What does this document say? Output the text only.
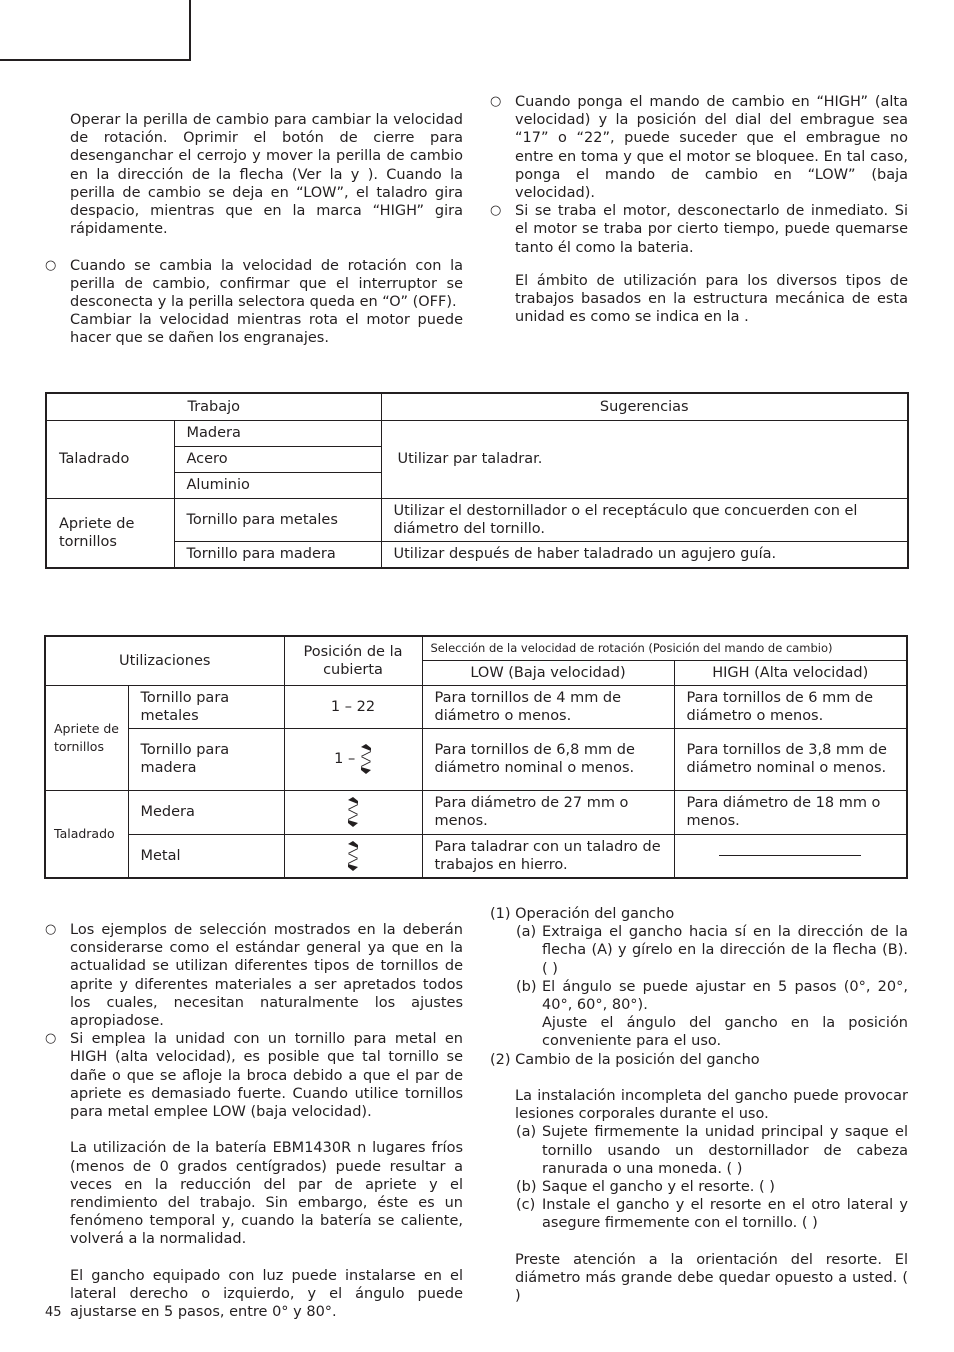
Operar la perilla de cambio para cambiar la velocidad de rotación. Oprimir el botón de cierre para desenganchar el cerrojo y mover la perilla de cambio en la dirección de la flecha (Ver la y ). Cuando la perilla de cambio se deja en “LOW”, el taladro gira despacio, mientras que en la marca “HIGH” gira rápidamente.

○ Cuando se cambia la velocidad de rotación con la perilla de cambio, confirmar que el interruptor se desconecta y la perilla selectora queda en “O” (OFF).

Cambiar la velocidad mientras rota el motor puede hacer que se dañen los engranajes.

○ Cuando ponga el mando de cambio en “HIGH” (alta velocidad) y la posición del dial del embrague sea “17” o “22”, puede suceder que el embrague no entre en toma y que el motor se bloquee. En tal caso, ponga el mando de cambio en “LOW” (baja velocidad).

○ Si se traba el motor, desconectarlo de inmediato. Si el motor se traba por cierto tiempo, puede quemarse tanto él como la bateria.

El ámbito de utilización para los diversos tipos de trabajos basados en la estructura mecánica de esta unidad es como se indica en la .

Trabajo		Sugerencias
Taladrado	Madera	Utilizar par taladrar.
	Acero	
	Aluminio	
Apriete de tornillos	Tornillo para metales	Utilizar el destornillador o el receptáculo que concuerden con el diámetro del tornillo.
	Tornillo para madera	Utilizar después de haber taladrado un agujero guía.
Utilizaciones		Posición de la cubierta	Selección de la velocidad de rotación (Posición del mando de cambio)	
			LOW (Baja velocidad)	HIGH (Alta velocidad)
Apriete de tornillos	Tornillo para metales	1 – 22	Para tornillos de 4 mm de diámetro o menos.	Para tornillos de 6 mm de diámetro o menos.
	Tornillo para madera	1 –	Para tornillos de 6,8 mm de diámetro nominal o menos.	Para tornillos de 3,8 mm de diámetro nominal o menos.
Taladrado	Medera		Para diámetro de 27 mm o menos.	Para diámetro de 18 mm o menos.
	Metal		Para taladrar con un taladro de trabajos en hierro.	

○ Los ejemplos de selección mostrados en la deberán considerarse como el estándar general ya que en la actualidad se utilizan diferentes tipos de tornillos de aprite y diferentes materiales a ser apretados todos los cuales, necesitan naturalmente los ajustes apropiadose.

○ Si emplea la unidad con un tornillo para metal en HIGH (alta velocidad), es posible que tal tornillo se dañe o que se afloje la broca debido a que el par de apriete es demasiado fuerte. Cuando utilice tornillos para metal emplee LOW (baja velocidad).

La utilización de la batería EBM1430R n lugares fríos (menos de 0 grados centígrados) puede resultar a veces en la reducción del par de apriete y el rendimiento del trabajo. Sin embargo, éste es un fenómeno temporal y, cuando la batería se caliente, volverá a la normalidad.

El gancho equipado con luz puede instalarse en el lateral derecho o izquierdo, y el ángulo puede ajustarse en 5 pasos, entre 0° y 80°.

(1) Operación del gancho

(a) Extraiga el gancho hacia sí en la dirección de la flecha (A) y gírelo en la dirección de la flecha (B). ( )

(b) El ángulo se puede ajustar en 5 pasos (0°, 20°, 40°, 60°, 80°).

Ajuste el ángulo del gancho en la posición conveniente para el uso.

(2) Cambio de la posición del gancho

La instalación incompleta del gancho puede provocar lesiones corporales durante el uso.

(a) Sujete firmemente la unidad principal y saque el tornillo usando un destornillador de cabeza ranurada o una moneda. ( )

(b) Saque el gancho y el resorte. ( )

(c) Instale el gancho y el resorte en el otro lateral y asegure firmemente con el tornillo. ( )

Preste atención a la orientación del resorte. El diámetro más grande debe quedar opuesto a usted. ( )

45
